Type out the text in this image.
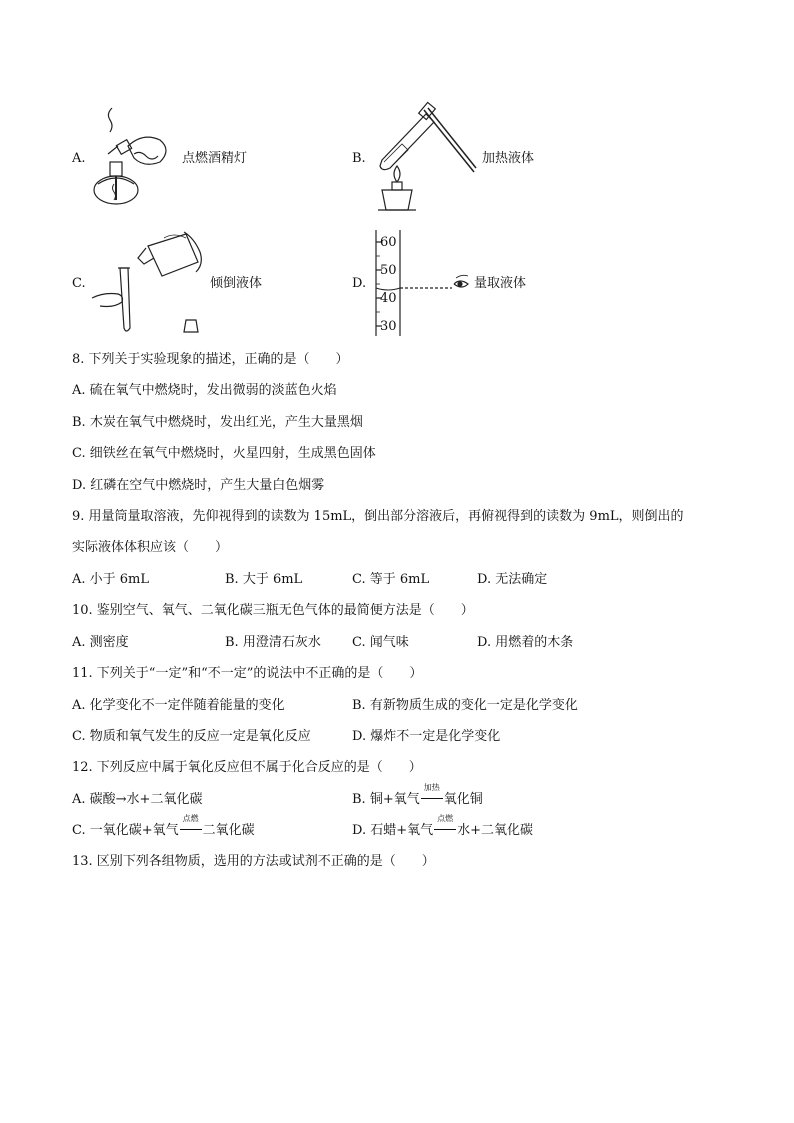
A.	点燃酒精灯	B.	加热液体
C.	倾倒液体	D.
60
50
40
30
量取液体
8. 下列关于实验现象的描述，正确的是（　　）
A. 硫在氧气中燃烧时，发出微弱的淡蓝色火焰
B. 木炭在氧气中燃烧时，发出红光，产生大量黑烟
C. 细铁丝在氧气中燃烧时，火星四射，生成黑色固体
D. 红磷在空气中燃烧时，产生大量白色烟雾
9. 用量筒量取溶液，先仰视得到的读数为 15mL，倒出部分溶液后，再俯视得到的读数为 9mL，则倒出的
实际液体体积应该（　　）
A. 小于 6mL	B. 大于 6mL	C. 等于 6mL	D. 无法确定
10. 鉴别空气、氧气、二氧化碳三瓶无色气体的最简便方法是（　　）
A. 测密度	B. 用澄清石灰水 C. 闻气味	D. 用燃着的木条
11. 下列关于“一定”和“不一定”的说法中不正确的是（　　）
A. 化学变化不一定伴随着能量的变化	B. 有新物质生成的变化一定是化学变化
C. 物质和氧气发生的反应一定是氧化反应	D. 爆炸不一定是化学变化
12. 下列反应中属于氧化反应但不属于化合反应的是（　　）
A. 碳酸→水+二氧化碳	B. 铜+氧气
加热
氧化铜
C. 一氧化碳+氧气
点燃
二氧化碳	D. 石蜡+氧气
点燃
水+二氧化碳
13. 区别下列各组物质，选用的方法或试剂不正确的是（　　）
